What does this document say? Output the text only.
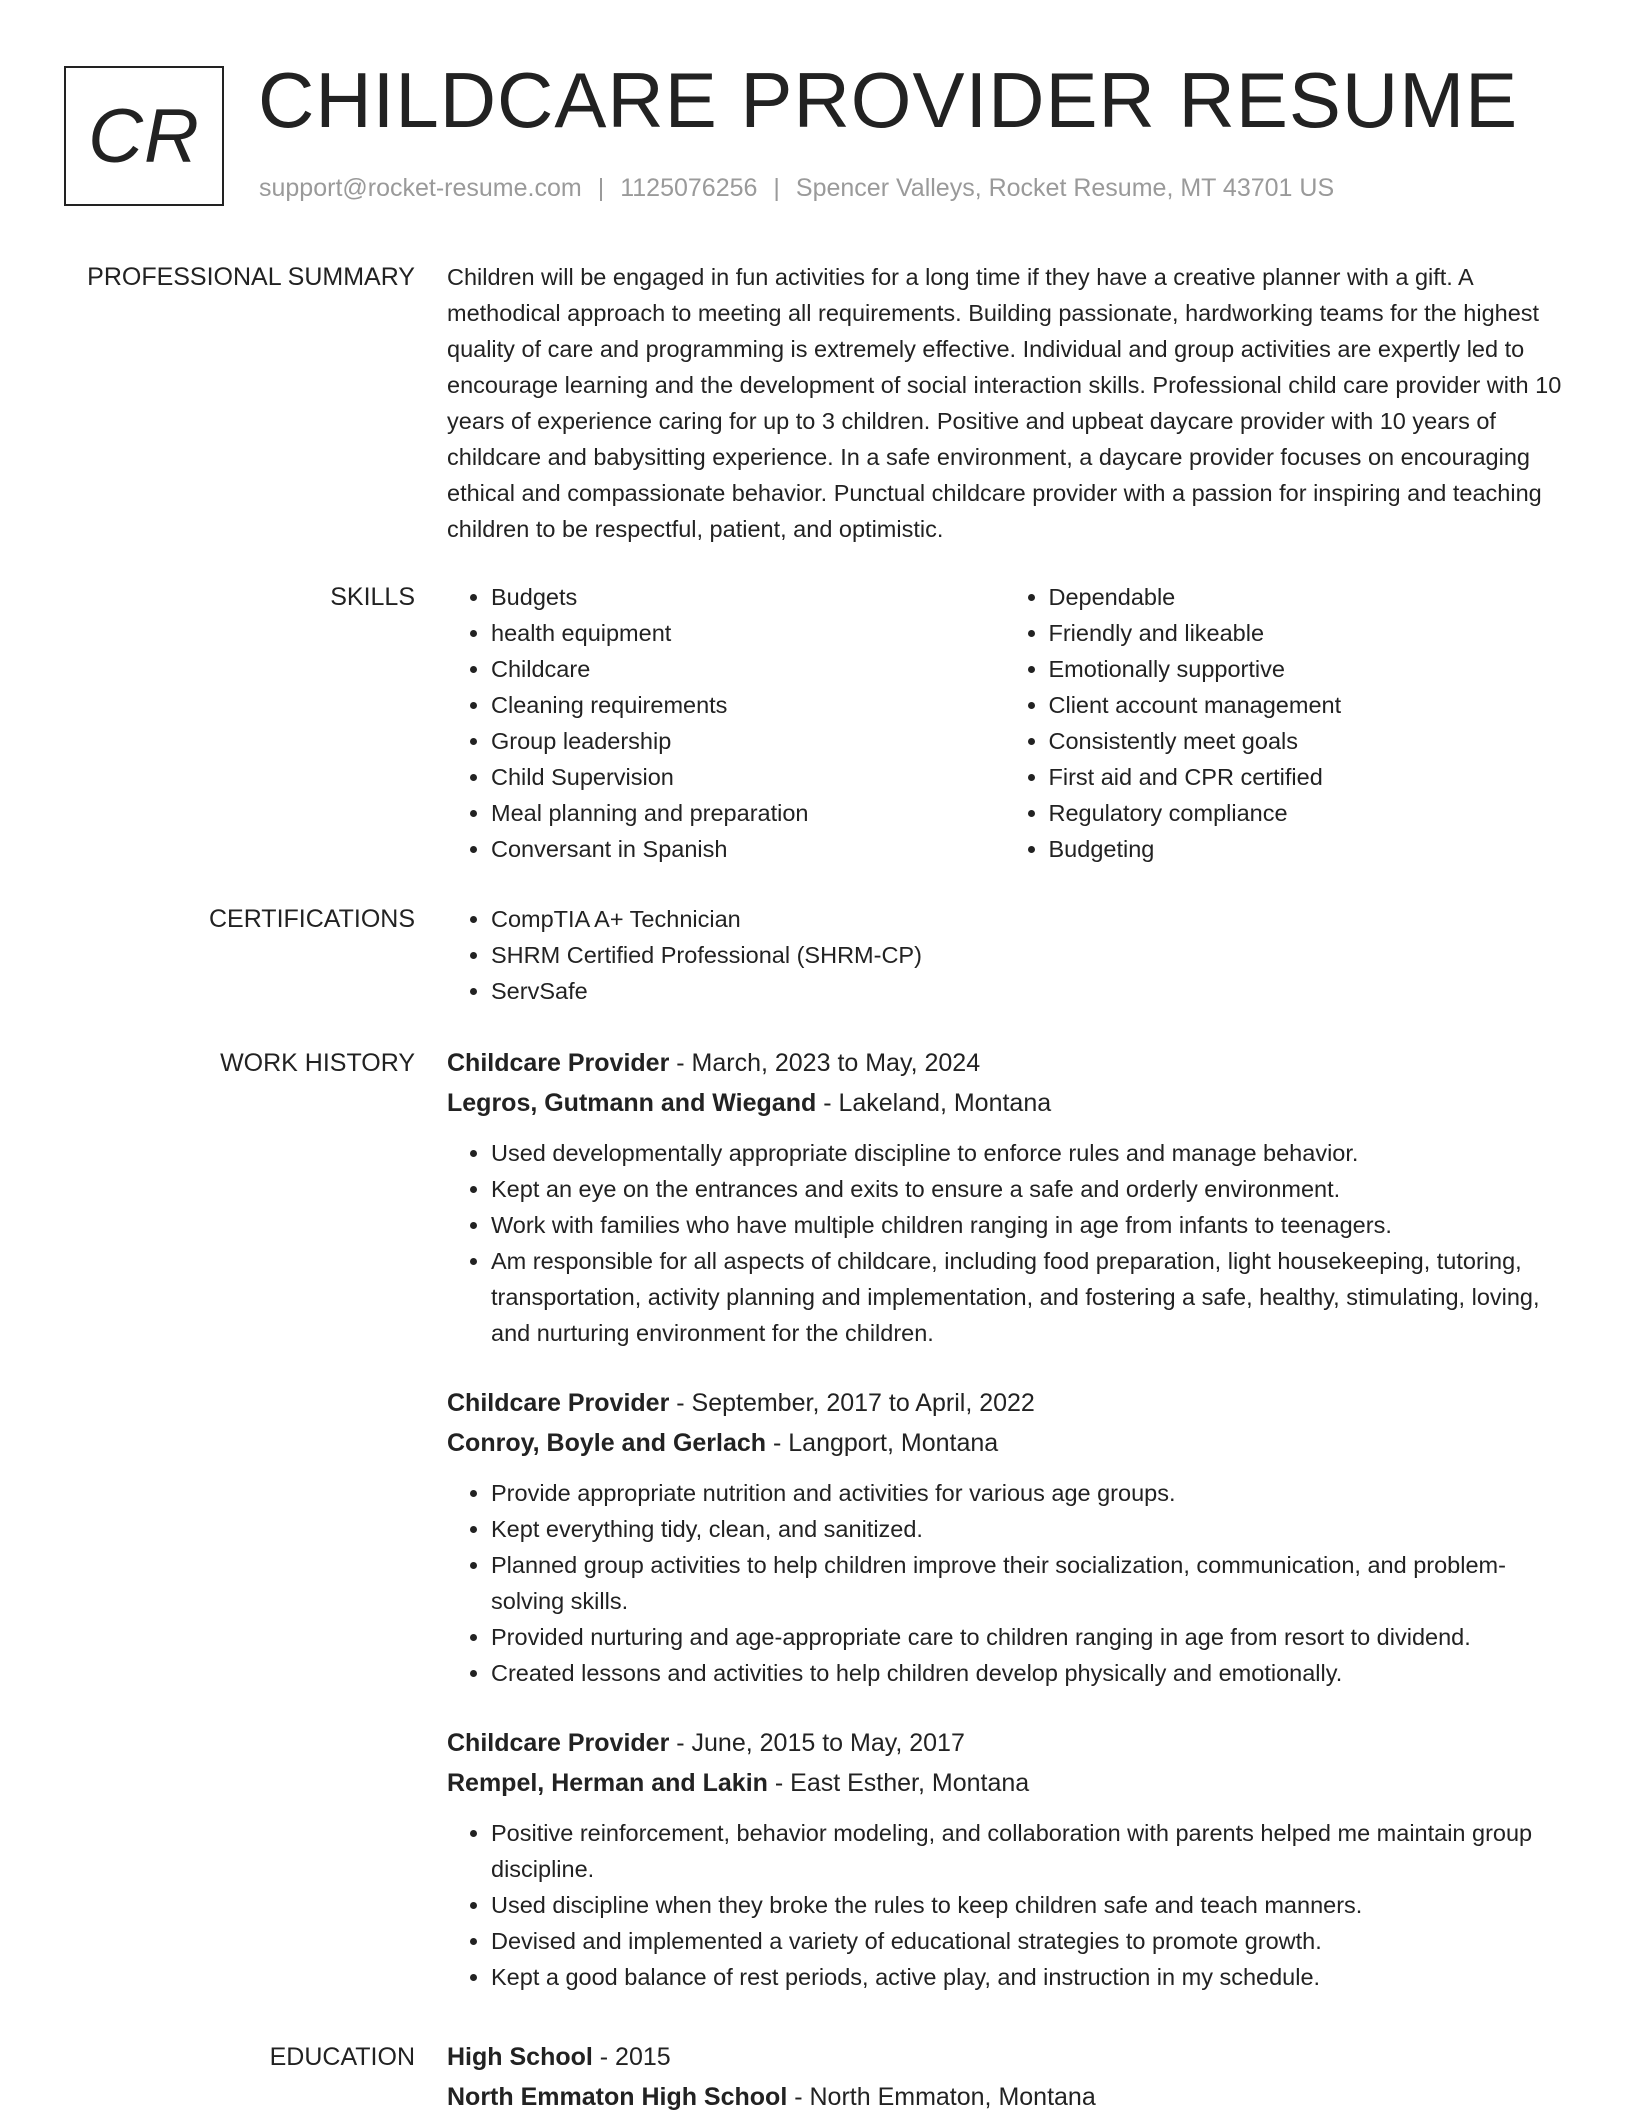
CR CHILDCARE PROVIDER RESUME
support@rocket-resume.com | 1125076256 | Spencer Valleys, Rocket Resume, MT 43701 US
PROFESSIONAL SUMMARY Children will be engaged in fun activities for a long time if they have a creative planner with a gift. A methodical approach to meeting all requirements. Building passionate, hardworking teams for the highest quality of care and programming is extremely effective. Individual and group activities are expertly led to encourage learning and the development of social interaction skills. Professional child care provider with 10 years of experience caring for up to 3 children. Positive and upbeat daycare provider with 10 years of childcare and babysitting experience. In a safe environment, a daycare provider focuses on encouraging ethical and compassionate behavior. Punctual childcare provider with a passion for inspiring and teaching children to be respectful, patient, and optimistic.

SKILLS	• Budgets
• health equipment
• Childcare
• Cleaning requirements
• Group leadership
• Child Supervision
• Meal planning and preparation
• Conversant in Spanish
• Dependable
• Friendly and likeable
• Emotionally supportive
• Client account management
• Consistently meet goals
• First aid and CPR certified
• Regulatory compliance
• Budgeting
CERTIFICATIONS	• CompTIA A+ Technician
• SHRM Certified Professional (SHRM-CP)
• ServSafe
WORK HISTORY Childcare Provider - March, 2023 to May, 2024
Legros, Gutmann and Wiegand - Lakeland, Montana
• Used developmentally appropriate discipline to enforce rules and manage behavior.
• Kept an eye on the entrances and exits to ensure a safe and orderly environment.
• Work with families who have multiple children ranging in age from infants to teenagers.
• Am responsible for all aspects of childcare, including food preparation, light housekeeping, tutoring, transportation, activity planning and implementation, and fostering a safe, healthy, stimulating, loving, and nurturing environment for the children.
Childcare Provider - September, 2017 to April, 2022
Conroy, Boyle and Gerlach - Langport, Montana
• Provide appropriate nutrition and activities for various age groups.
• Kept everything tidy, clean, and sanitized.
• Planned group activities to help children improve their socialization, communication, and problem-solving skills.
• Provided nurturing and age-appropriate care to children ranging in age from resort to dividend.
• Created lessons and activities to help children develop physically and emotionally.
Childcare Provider - June, 2015 to May, 2017
Rempel, Herman and Lakin - East Esther, Montana
• Positive reinforcement, behavior modeling, and collaboration with parents helped me maintain group discipline.
• Used discipline when they broke the rules to keep children safe and teach manners.
• Devised and implemented a variety of educational strategies to promote growth.
• Kept a good balance of rest periods, active play, and instruction in my schedule.
EDUCATION High School - 2015
North Emmaton High School - North Emmaton, Montana
